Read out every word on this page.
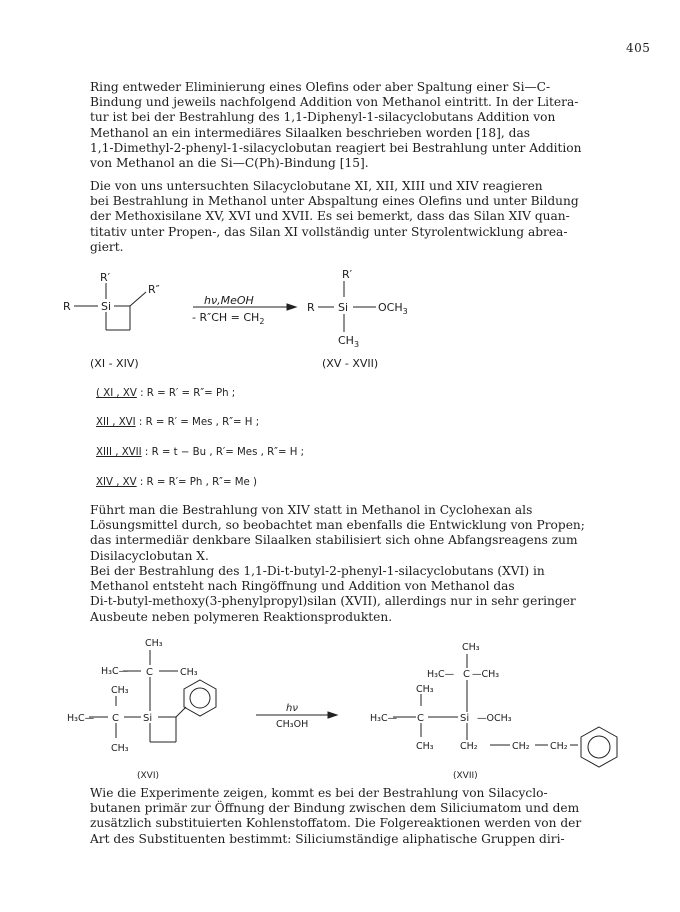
405

Ring entweder Eliminierung eines Olefins oder aber Spaltung einer Si—C-
Bindung und jeweils nachfolgend Addition von Methanol eintritt. In der Litera-
tur ist bei der Bestrahlung des 1,1-Diphenyl-1-silacyclobutans Addition von
Methanol an ein intermediäres Silaalken beschrieben worden [18], das
1,1-Dimethyl-2-phenyl-1-silacyclobutan reagiert bei Bestrahlung unter Addition
von Methanol an die Si—C(Ph)-Bindung [15].

Die von uns untersuchten Silacyclobutane XI, XII, XIII und XIV reagieren
bei Bestrahlung in Methanol unter Abspaltung eines Olefins und unter Bildung
der Methoxisilane XV, XVI und XVII. Es sei bemerkt, dass das Silan XIV quan-
titativ unter Propen-, das Silan XI vollständig unter Styrolentwicklung abrea-
giert.

R′
R	Si
R″
hν,MeOH
- $R''CH = CH_2$
R′
R Si	$OCH_3$
$CH_3$
(XI - XIV)	(XV - XVII)
( XI , XV : R = R′ = R″= Ph ;
XII , XVI : R = R′ = Mes , R″= H ;
XIII , XVII : R = t − Bu , R′= Mes , R″= H ;
XIV , XV : R = R′= Ph , R″= Me )

Führt man die Bestrahlung von XIV statt in Methanol in Cyclohexan als
Lösungsmittel durch, so beobachtet man ebenfalls die Entwicklung von Propen;
das intermediär denkbare Silaalken stabilisiert sich ohne Abfangsreagens zum
Disilacyclobutan X.

Bei der Bestrahlung des 1,1-Di-t-butyl-2-phenyl-1-silacyclobutans (XVI) in
Methanol entsteht nach Ringöffnung und Addition von Methanol das
Di-t-butyl-methoxy(3-phenylpropyl)silan (XVII), allerdings nur in sehr geringer
Ausbeute neben polymeren Reaktionsprodukten.

CH₃
H₃C— C	CH₃
CH₃
H₃C— C Si
CH₃
(XVI)
hν
CH₃OH
CH₃
H₃C— C —CH₃
CH₃
H₃C— C	Si —OCH₃
CH₃	CH₂	CH₂ CH₂
(XVII)

Wie die Experimente zeigen, kommt es bei der Bestrahlung von Silacyclo-
butanen primär zur Öffnung der Bindung zwischen dem Siliciumatom und dem
zusätzlich substituierten Kohlenstoffatom. Die Folgereaktionen werden von der
Art des Substituenten bestimmt: Siliciumständige aliphatische Gruppen diri-
